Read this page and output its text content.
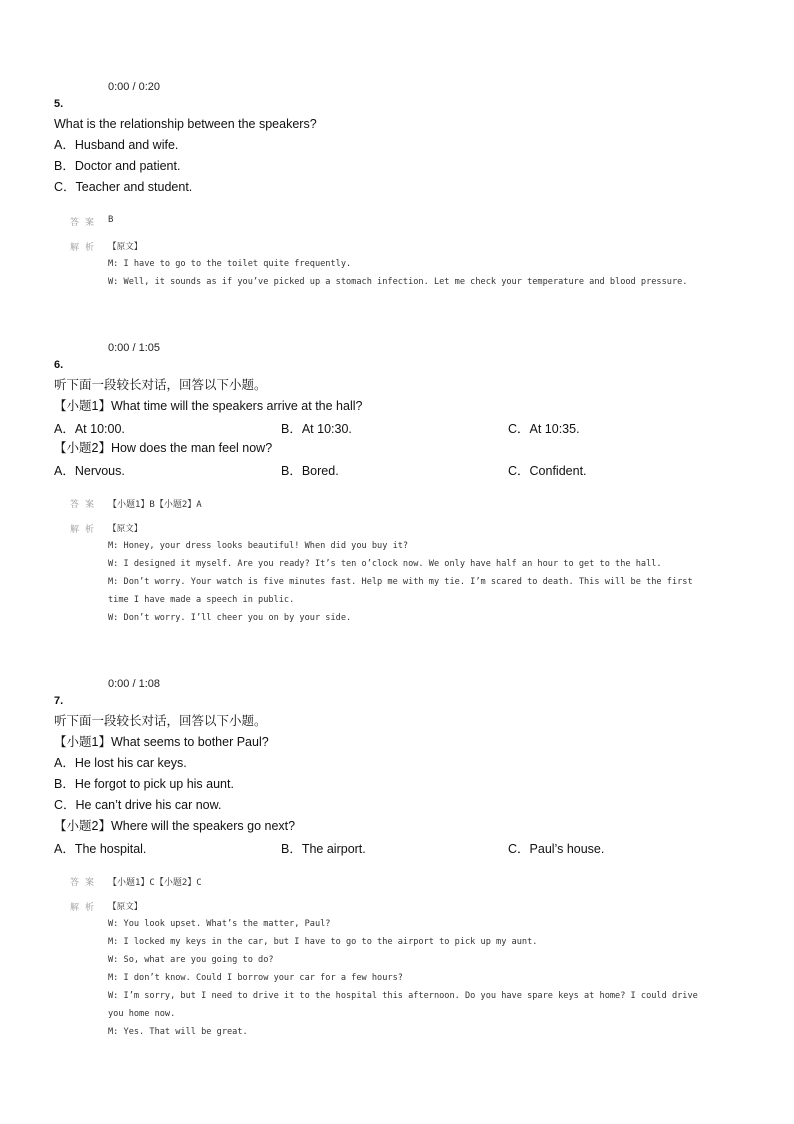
0:00 / 0:20
5.
What is the relationship between the speakers?
A．Husband and wife.
B．Doctor and patient.
C．Teacher and student.
答案 B
解析 【原文】
M: I have to go to the toilet quite frequently.
W: Well, it sounds as if you’ve picked up a stomach infection. Let me check your temperature and blood pressure.
0:00 / 1:05
6.
听下面一段较长对话，回答以下小题。
【小题1】What time will the speakers arrive at the hall?
A．At 10:00.	B．At 10:30.	C．At 10:35.
【小题2】How does the man feel now?
A．Nervous.	B．Bored.	C．Confident.
答案 【小题1】B【小题2】A
解析 【原文】
M: Honey, your dress looks beautiful! When did you buy it?
W: I designed it myself. Are you ready? It’s ten o’clock now. We only have half an hour to get to the hall.
M: Don’t worry. Your watch is five minutes fast. Help me with my tie. I’m scared to death. This will be the first
time I have made a speech in public.
W: Don’t worry. I’ll cheer you on by your side.
0:00 / 1:08
7.
听下面一段较长对话，回答以下小题。
【小题1】What seems to bother Paul?
A．He lost his car keys.
B．He forgot to pick up his aunt.
C．He can’t drive his car now.
【小题2】Where will the speakers go next?
A．The hospital.	B．The airport.	C．Paul’s house.
答案 【小题1】C【小题2】C
解析 【原文】
W: You look upset. What’s the matter, Paul?
M: I locked my keys in the car, but I have to go to the airport to pick up my aunt.
W: So, what are you going to do?
M: I don’t know. Could I borrow your car for a few hours?
W: I’m sorry, but I need to drive it to the hospital this afternoon. Do you have spare keys at home? I could drive
you home now.
M: Yes. That will be great.
